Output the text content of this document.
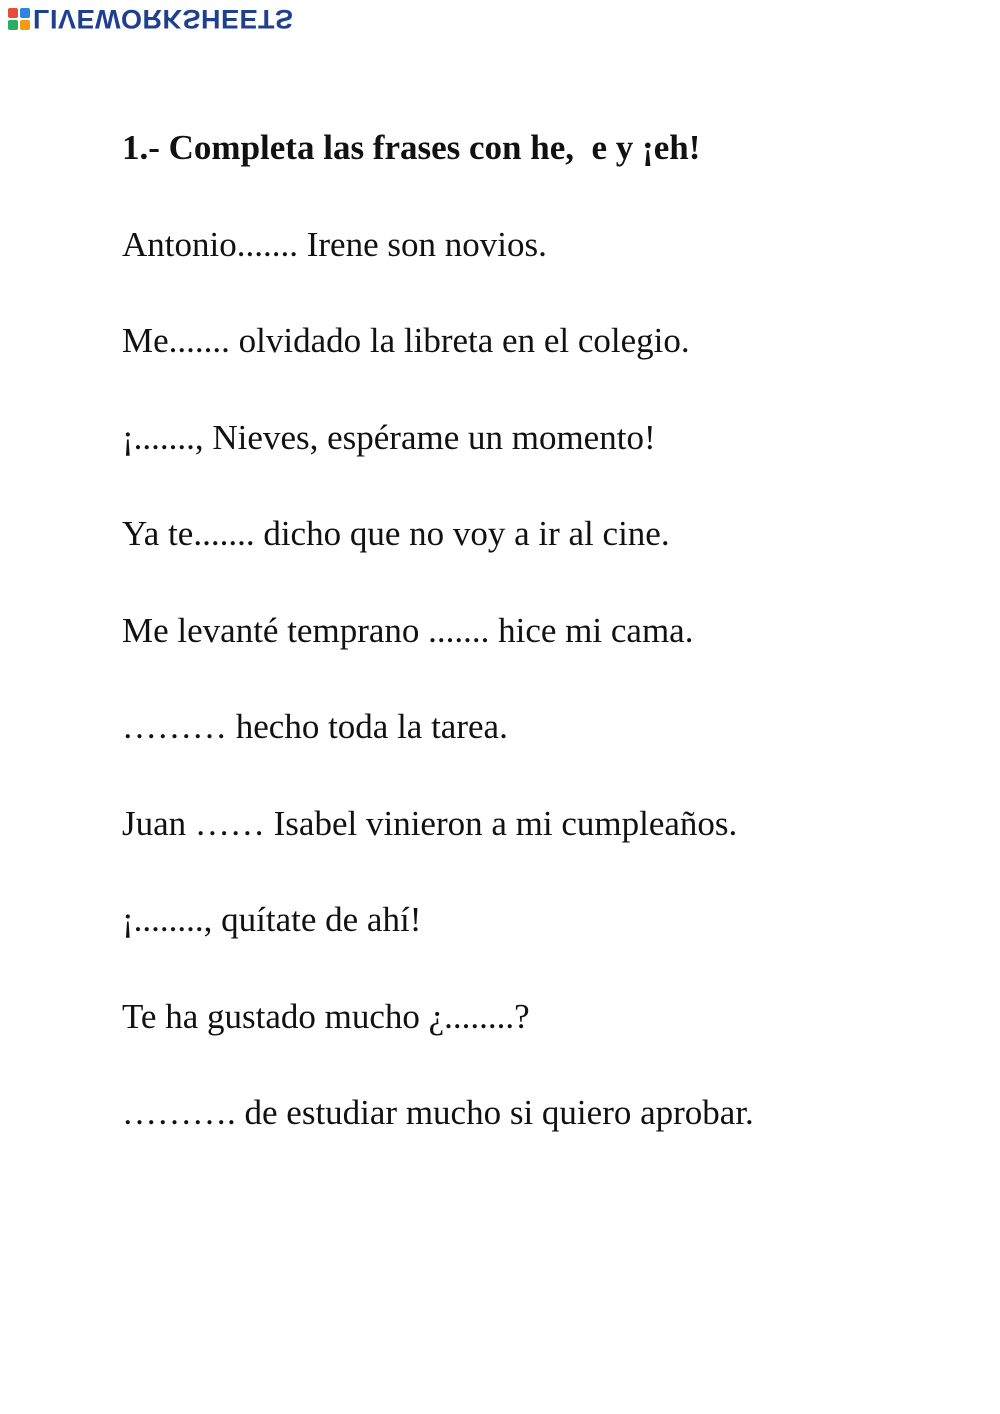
LIVEWORKSHEETS
1.- Completa las frases con he,  e y ¡eh!
Antonio....... Irene son novios.
Me....... olvidado la libreta en el colegio.
¡......., Nieves, espérame un momento!
Ya te....... dicho que no voy a ir al cine.
Me levanté temprano ....... hice mi cama.
……… hecho toda la tarea.
Juan …… Isabel vinieron a mi cumpleaños.
¡........, quítate de ahí!
Te ha gustado mucho ¿........?
………. de estudiar mucho si quiero aprobar.
